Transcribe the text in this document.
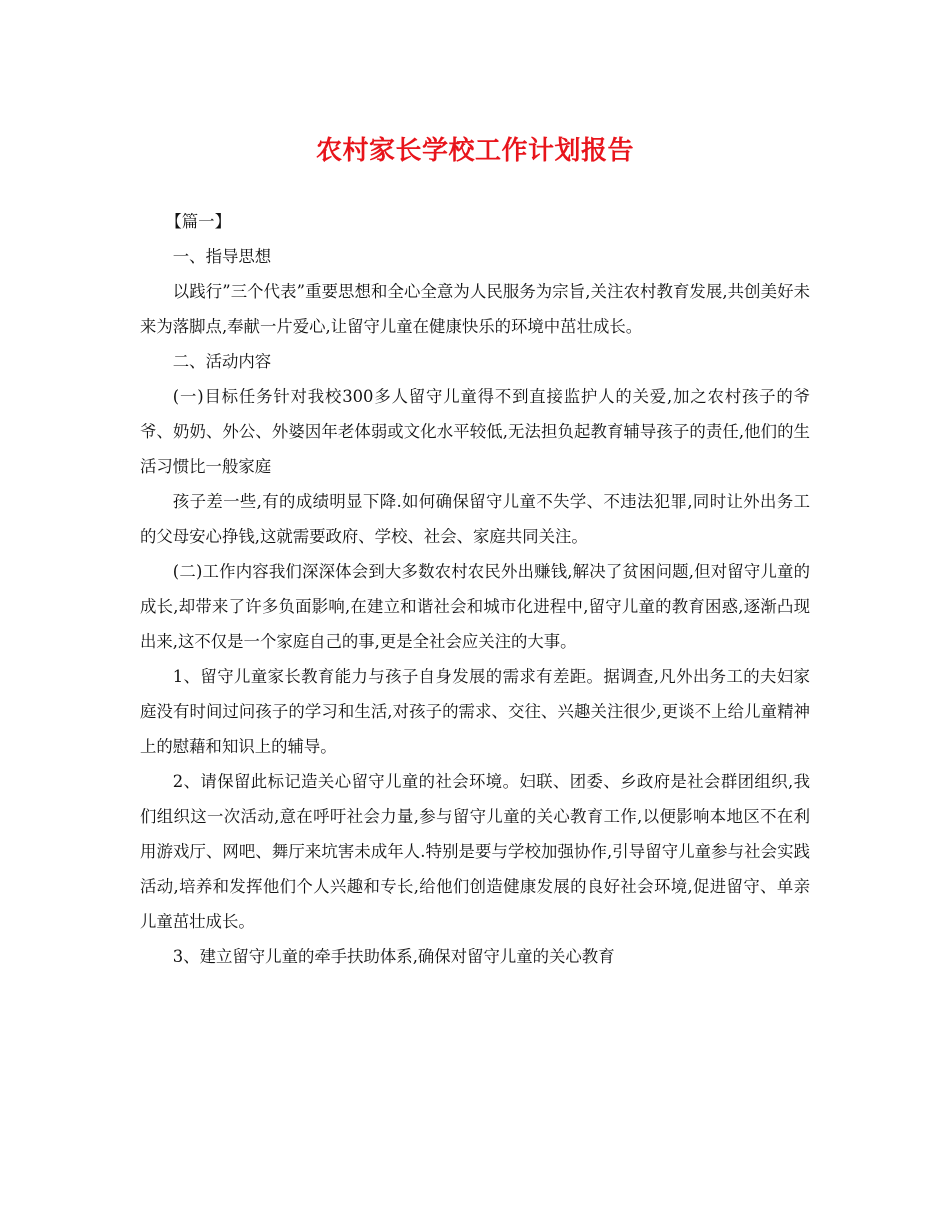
农村家长学校工作计划报告

【篇一】

一、指导思想

以践行”三个代表”重要思想和全心全意为人民服务为宗旨,关注农村教育发展,共创美好未来为落脚点,奉献一片爱心,让留守儿童在健康快乐的环境中茁壮成长。

二、活动内容

(一)目标任务针对我校300多人留守儿童得不到直接监护人的关爱,加之农村孩子的爷爷、奶奶、外公、外婆因年老体弱或文化水平较低,无法担负起教育辅导孩子的责任,他们的生活习惯比一般家庭

孩子差一些,有的成绩明显下降.如何确保留守儿童不失学、不违法犯罪,同时让外出务工的父母安心挣钱,这就需要政府、学校、社会、家庭共同关注。

(二)工作内容我们深深体会到大多数农村农民外出赚钱,解决了贫困问题,但对留守儿童的成长,却带来了许多负面影响,在建立和谐社会和城市化进程中,留守儿童的教育困惑,逐渐凸现出来,这不仅是一个家庭自己的事,更是全社会应关注的大事。

1、留守儿童家长教育能力与孩子自身发展的需求有差距。据调查,凡外出务工的夫妇家庭没有时间过问孩子的学习和生活,对孩子的需求、交往、兴趣关注很少,更谈不上给儿童精神上的慰藉和知识上的辅导。

2、请保留此标记造关心留守儿童的社会环境。妇联、团委、乡政府是社会群团组织,我们组织这一次活动,意在呼吁社会力量,参与留守儿童的关心教育工作,以便影响本地区不在利用游戏厅、网吧、舞厅来坑害未成年人.特别是要与学校加强协作,引导留守儿童参与社会实践活动,培养和发挥他们个人兴趣和专长,给他们创造健康发展的良好社会环境,促进留守、单亲儿童茁壮成长。

3、建立留守儿童的牵手扶助体系,确保对留守儿童的关心教育
